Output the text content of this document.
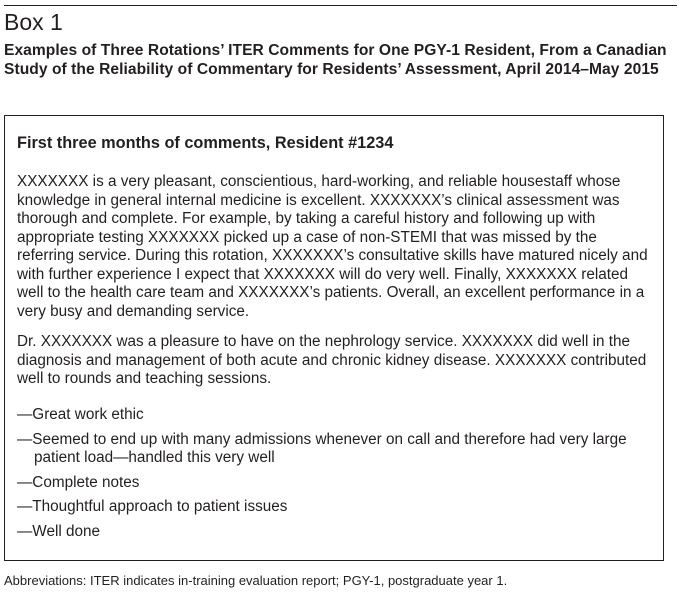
Box 1
Examples of Three Rotations’ ITER Comments for One PGY-1 Resident, From a Canadian Study of the Reliability of Commentary for Residents’ Assessment, April 2014–May 2015
First three months of comments, Resident #1234

XXXXXXX is a very pleasant, conscientious, hard-working, and reliable housestaff whose knowledge in general internal medicine is excellent. XXXXXXX’s clinical assessment was thorough and complete. For example, by taking a careful history and following up with appropriate testing XXXXXXX picked up a case of non-STEMI that was missed by the referring service. During this rotation, XXXXXXX’s consultative skills have matured nicely and with further experience I expect that XXXXXXX will do very well. Finally, XXXXXXX related well to the health care team and XXXXXXX’s patients. Overall, an excellent performance in a very busy and demanding service.

Dr. XXXXXXX was a pleasure to have on the nephrology service. XXXXXXX did well in the diagnosis and management of both acute and chronic kidney disease. XXXXXXX contributed well to rounds and teaching sessions.

—Great work ethic
—Seemed to end up with many admissions whenever on call and therefore had very large patient load—handled this very well
—Complete notes
—Thoughtful approach to patient issues
—Well done
Abbreviations: ITER indicates in-training evaluation report; PGY-1, postgraduate year 1.
